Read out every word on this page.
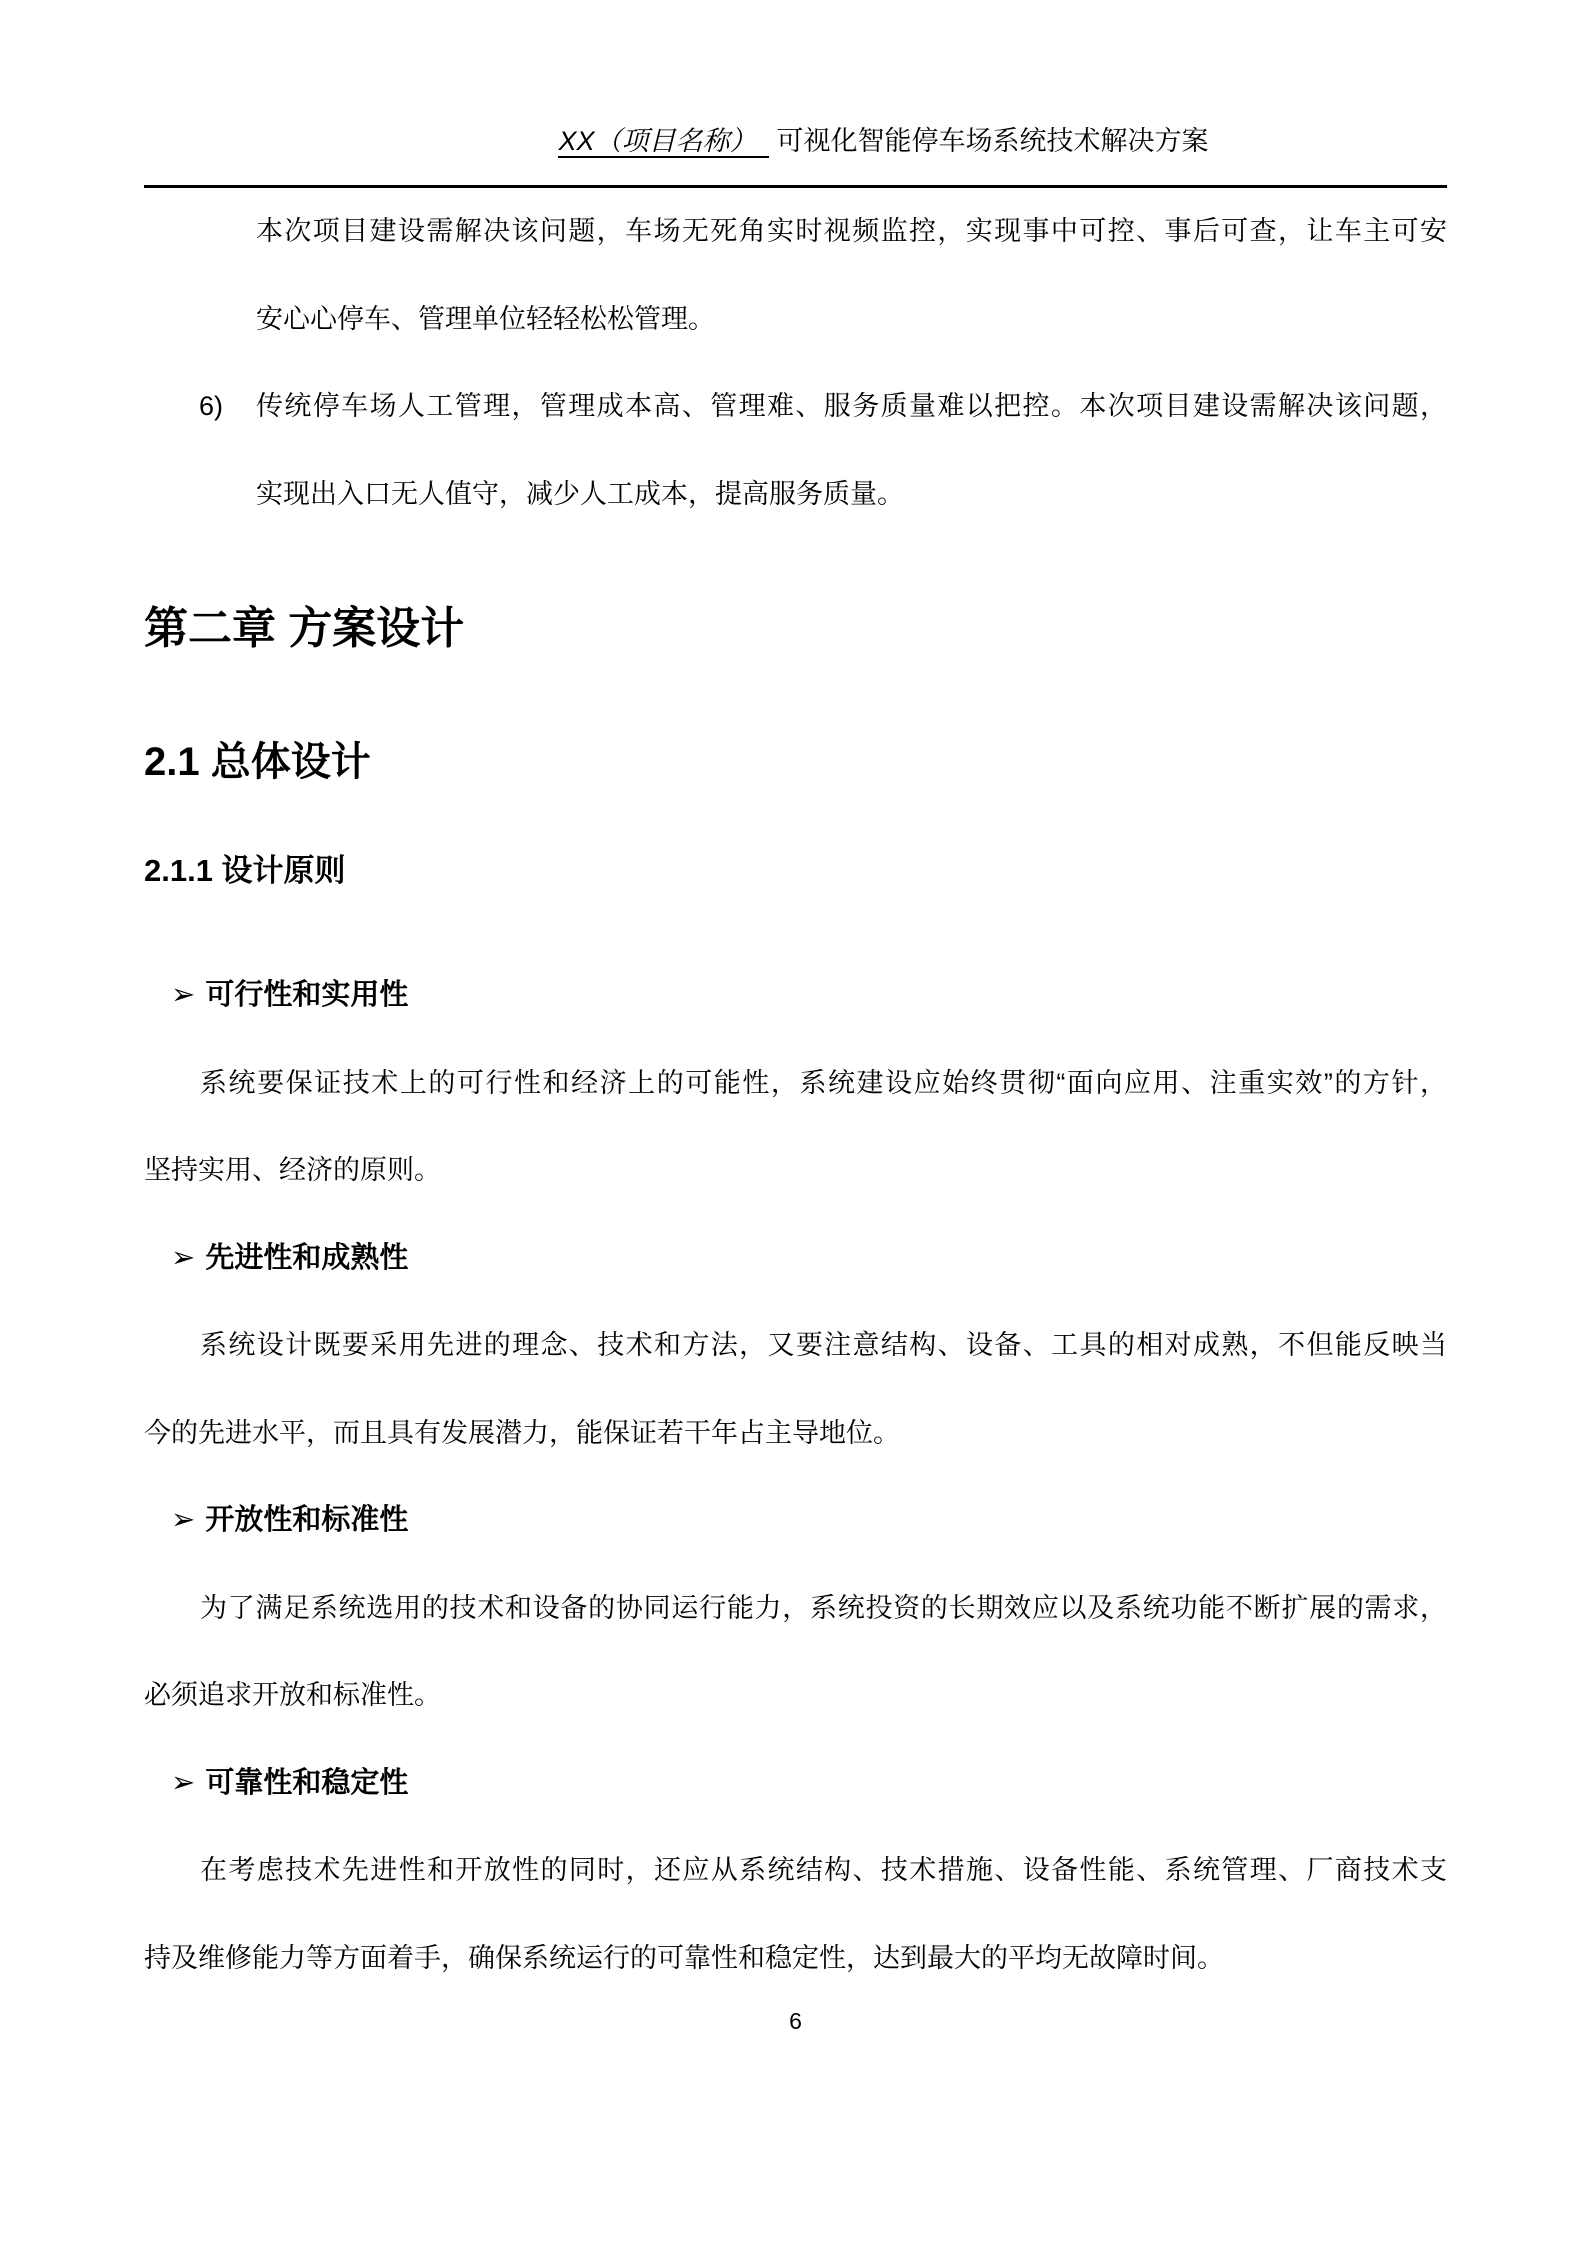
XX（项目名称） 可视化智能停车场系统技术解决方案
本次项目建设需解决该问题，车场无死角实时视频监控，实现事中可控、事后可查，让车主可安
安心心停车、管理单位轻轻松松管理。
6) 传统停车场人工管理，管理成本高、管理难、服务质量难以把控。本次项目建设需解决该问题，
实现出入口无人值守，减少人工成本，提高服务质量。
第二章 方案设计
2.1 总体设计
2.1.1 设计原则
➢ 可行性和实用性
系统要保证技术上的可行性和经济上的可能性，系统建设应始终贯彻“面向应用、注重实效”的方针，
坚持实用、经济的原则。
➢ 先进性和成熟性
系统设计既要采用先进的理念、技术和方法，又要注意结构、设备、工具的相对成熟，不但能反映当
今的先进水平，而且具有发展潜力，能保证若干年占主导地位。
➢ 开放性和标准性
为了满足系统选用的技术和设备的协同运行能力，系统投资的长期效应以及系统功能不断扩展的需求，
必须追求开放和标准性。
➢ 可靠性和稳定性
在考虑技术先进性和开放性的同时，还应从系统结构、技术措施、设备性能、系统管理、厂商技术支
持及维修能力等方面着手，确保系统运行的可靠性和稳定性，达到最大的平均无故障时间。
6
